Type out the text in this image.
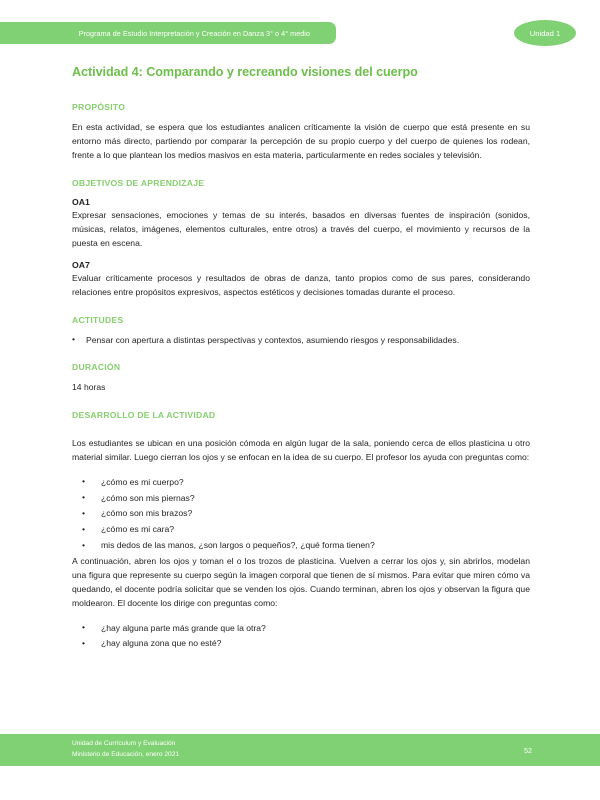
Programa de Estudio Interpretación y Creación en Danza 3° o 4° medio	Unidad 1
Actividad 4: Comparando y recreando visiones del cuerpo
PROPÓSITO

En esta actividad, se espera que los estudiantes analicen críticamente la visión de cuerpo que está presente en su entorno más directo, partiendo por comparar la percepción de su propio cuerpo y del cuerpo de quienes los rodean, frente a lo que plantean los medios masivos en esta materia, particularmente en redes sociales y televisión.

OBJETIVOS DE APRENDIZAJE
OA1

Expresar sensaciones, emociones y temas de su interés, basados en diversas fuentes de inspiración (sonidos, músicas, relatos, imágenes, elementos culturales, entre otros) a través del cuerpo, el movimiento y recursos de la puesta en escena.

OA7

Evaluar críticamente procesos y resultados de obras de danza, tanto propios como de sus pares, considerando relaciones entre propósitos expresivos, aspectos estéticos y decisiones tomadas durante el proceso.

ACTITUDES
• Pensar con apertura a distintas perspectivas y contextos, asumiendo riesgos y responsabilidades.
DURACIÓN

14 horas

DESARROLLO DE LA ACTIVIDAD

Los estudiantes se ubican en una posición cómoda en algún lugar de la sala, poniendo cerca de ellos plasticina u otro material similar. Luego cierran los ojos y se enfocan en la idea de su cuerpo. El profesor los ayuda con preguntas como:

• ¿cómo es mi cuerpo?
• ¿cómo son mis piernas?
• ¿cómo son mis brazos?
• ¿cómo es mi cara?
• mis dedos de las manos, ¿son largos o pequeños?, ¿qué forma tienen?

A continuación, abren los ojos y toman el o los trozos de plasticina. Vuelven a cerrar los ojos y, sin abrirlos, modelan una figura que represente su cuerpo según la imagen corporal que tienen de sí mismos. Para evitar que miren cómo va quedando, el docente podría solicitar que se venden los ojos. Cuando terminan, abren los ojos y observan la figura que moldearon. El docente los dirige con preguntas como:

• ¿hay alguna parte más grande que la otra?
• ¿hay alguna zona que no esté?
Unidad de Currículum y Evaluación
Ministerio de Educación, enero 2021	52
